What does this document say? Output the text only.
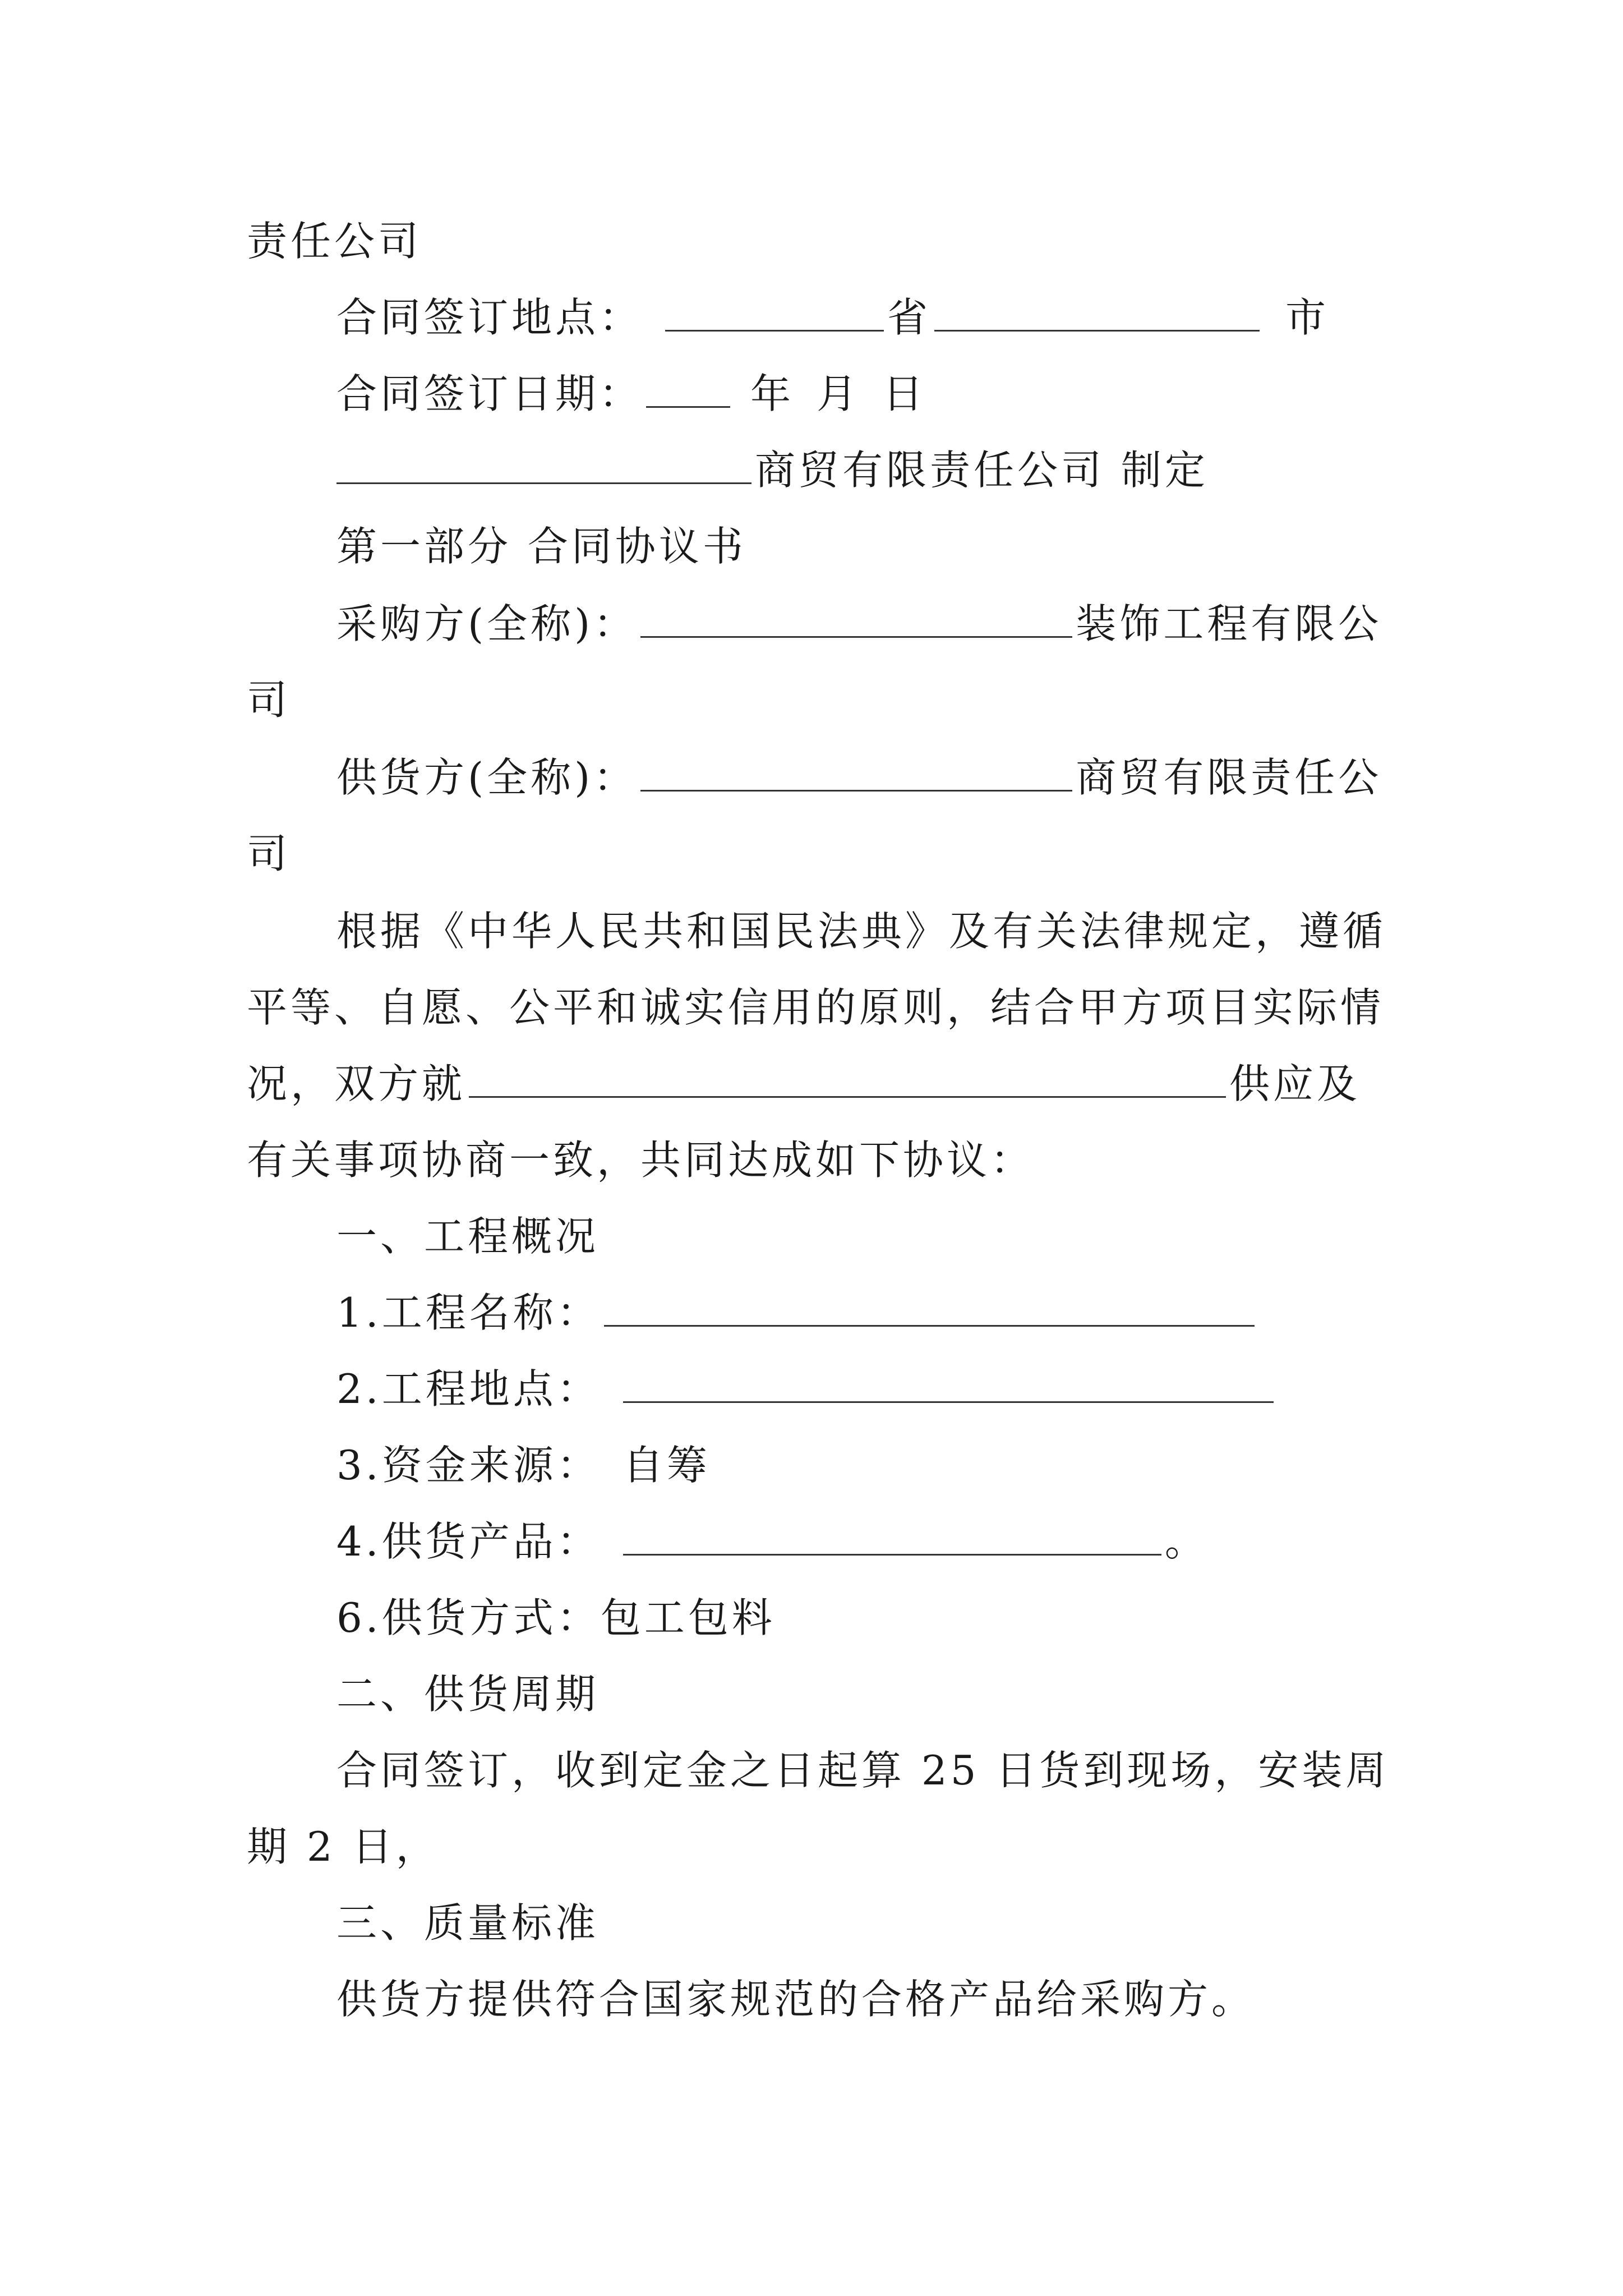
责任公司
合同签订地点：	省	市
合同签订日期：	年 月 日
商贸有限责任公司 制定
第一部分 合同协议书
采购方(全称)：	装饰工程有限公
司
供货方(全称)：	商贸有限责任公
司
根据《中华人民共和国民法典》及有关法律规定，遵循
平等、自愿、公平和诚实信用的原则，结合甲方项目实际情
况，双方就	供应及
有关事项协商一致，共同达成如下协议：
一、工程概况
1.工程名称：
2.工程地点：
3.资金来源： 自筹
4.供货产品：	。
6.供货方式：包工包料
二、供货周期
合同签订，收到定金之日起算 25 日货到现场，安装周
期 2 日，
三、质量标准
供货方提供符合国家规范的合格产品给采购方。
